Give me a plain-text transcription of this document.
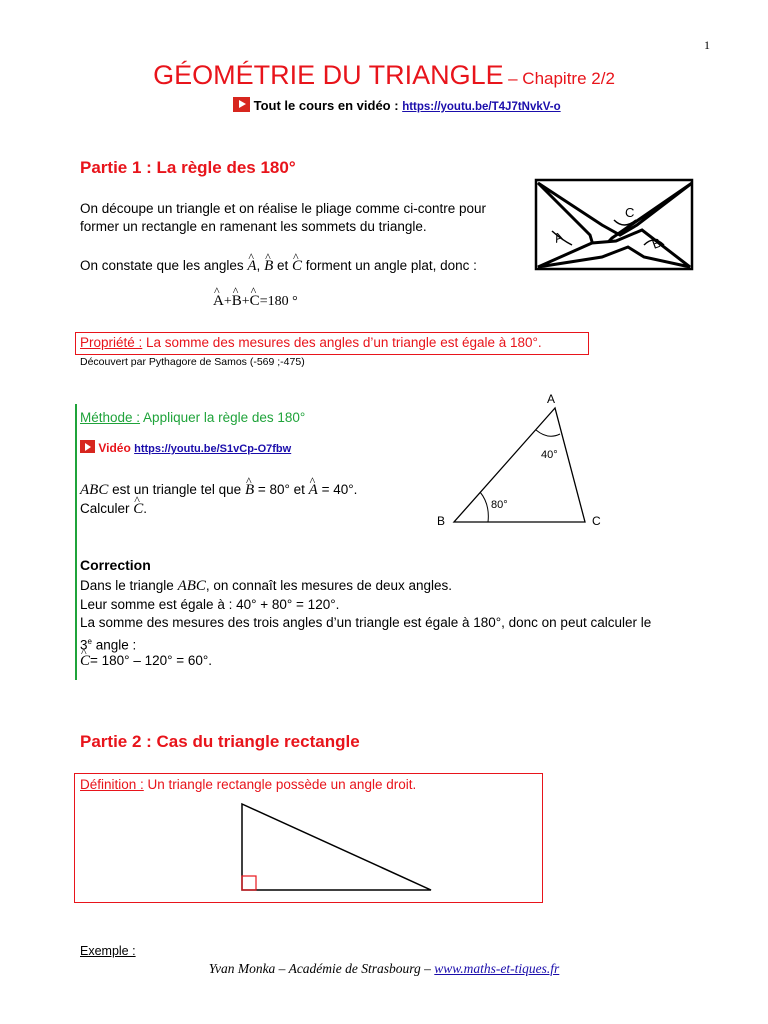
1
GÉOMÉTRIE DU TRIANGLE – Chapitre 2/2
Tout le cours en vidéo : https://youtu.be/T4J7tNvkV-o
Partie 1 : La règle des 180°
On découpe un triangle et on réalise le pliage comme ci-contre pour former un rectangle en ramenant les sommets du triangle.
On constate que les angles ^ A, ^ B et ^ C forment un angle plat, donc :
^ A+^ B+^ C=180 °
Propriété : La somme des mesures des angles d’un triangle est égale à 180°.
Découvert par Pythagore de Samos (-569 ;-475)
A	B
C
Méthode : Appliquer la règle des 180°
Vidéo https://youtu.be/S1vCp-O7fbw
ABC est un triangle tel que ^ B = 80° et ^ A = 40°.
Calculer ^ C.
A
B	C
40°
80°
Correction
Dans le triangle ABC, on connaît les mesures de deux angles.
Leur somme est égale à : 40° + 80° = 120°.
La somme des mesures des trois angles d’un triangle est égale à 180°, donc on peut calculer le
3e angle :
^ C= 180° – 120° = 60°.
Partie 2 : Cas du triangle rectangle
Définition : Un triangle rectangle possède un angle droit.
Exemple :
Yvan Monka – Académie de Strasbourg – www.maths-et-tiques.fr
